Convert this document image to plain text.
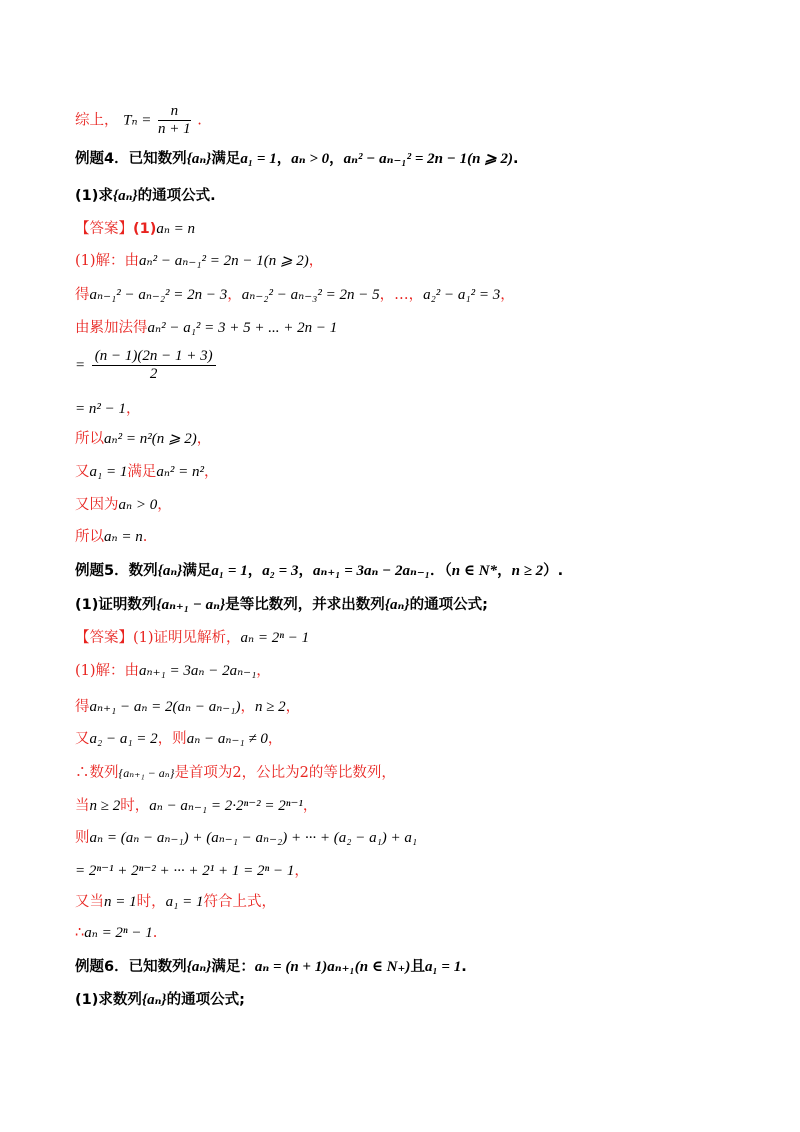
综上， $T_n = \frac{n}{n + 1}$ .
例题4．已知数列{aₙ}满足a₁ = 1，aₙ > 0，aₙ² − aₙ₋₁² = 2n − 1(n ⩾ 2).
(1)求{aₙ}的通项公式.
【答案】(1)aₙ = n
(1)解：由aₙ² − aₙ₋₁² = 2n − 1(n ⩾ 2)，
得aₙ₋₁² − aₙ₋₂² = 2n − 3，aₙ₋₂² − aₙ₋₃² = 2n − 5，…，a₂² − a₁² = 3，
由累加法得aₙ² − a₁² = 3 + 5 + ... + 2n − 1
= $\frac{(n - 1)(2n - 1 + 3)}{2}$
= n² − 1，
所以aₙ² = n²(n ⩾ 2)，
又a₁ = 1满足aₙ² = n²，
又因为aₙ > 0，
所以aₙ = n.
例题5．数列{aₙ}满足a₁ = 1，a₂ = 3，aₙ₊₁ = 3aₙ − 2aₙ₋₁．（n ∈ N*，n ≥ 2）.
(1)证明数列{aₙ₊₁ − aₙ}是等比数列，并求出数列{aₙ}的通项公式;
【答案】(1)证明见解析，aₙ = 2ⁿ − 1
(1)解：由aₙ₊₁ = 3aₙ − 2aₙ₋₁，
得aₙ₊₁ − aₙ = 2(aₙ − aₙ₋₁)，n ≥ 2，
又a₂ − a₁ = 2，则aₙ − aₙ₋₁ ≠ 0，
∴数列{aₙ₊₁ − aₙ}是首项为2，公比为2的等比数列，
当n ≥ 2时，aₙ − aₙ₋₁ = 2·2ⁿ⁻² = 2ⁿ⁻¹，
则aₙ = (aₙ − aₙ₋₁) + (aₙ₋₁ − aₙ₋₂) + ··· + (a₂ − a₁) + a₁
= 2ⁿ⁻¹ + 2ⁿ⁻² + ··· + 2¹ + 1 = 2ⁿ − 1，
又当n = 1时，a₁ = 1符合上式，
∴aₙ = 2ⁿ − 1.
例题6．已知数列{aₙ}满足：aₙ = (n + 1)aₙ₊₁(n ∈ N₊)且a₁ = 1.
(1)求数列{aₙ}的通项公式;
